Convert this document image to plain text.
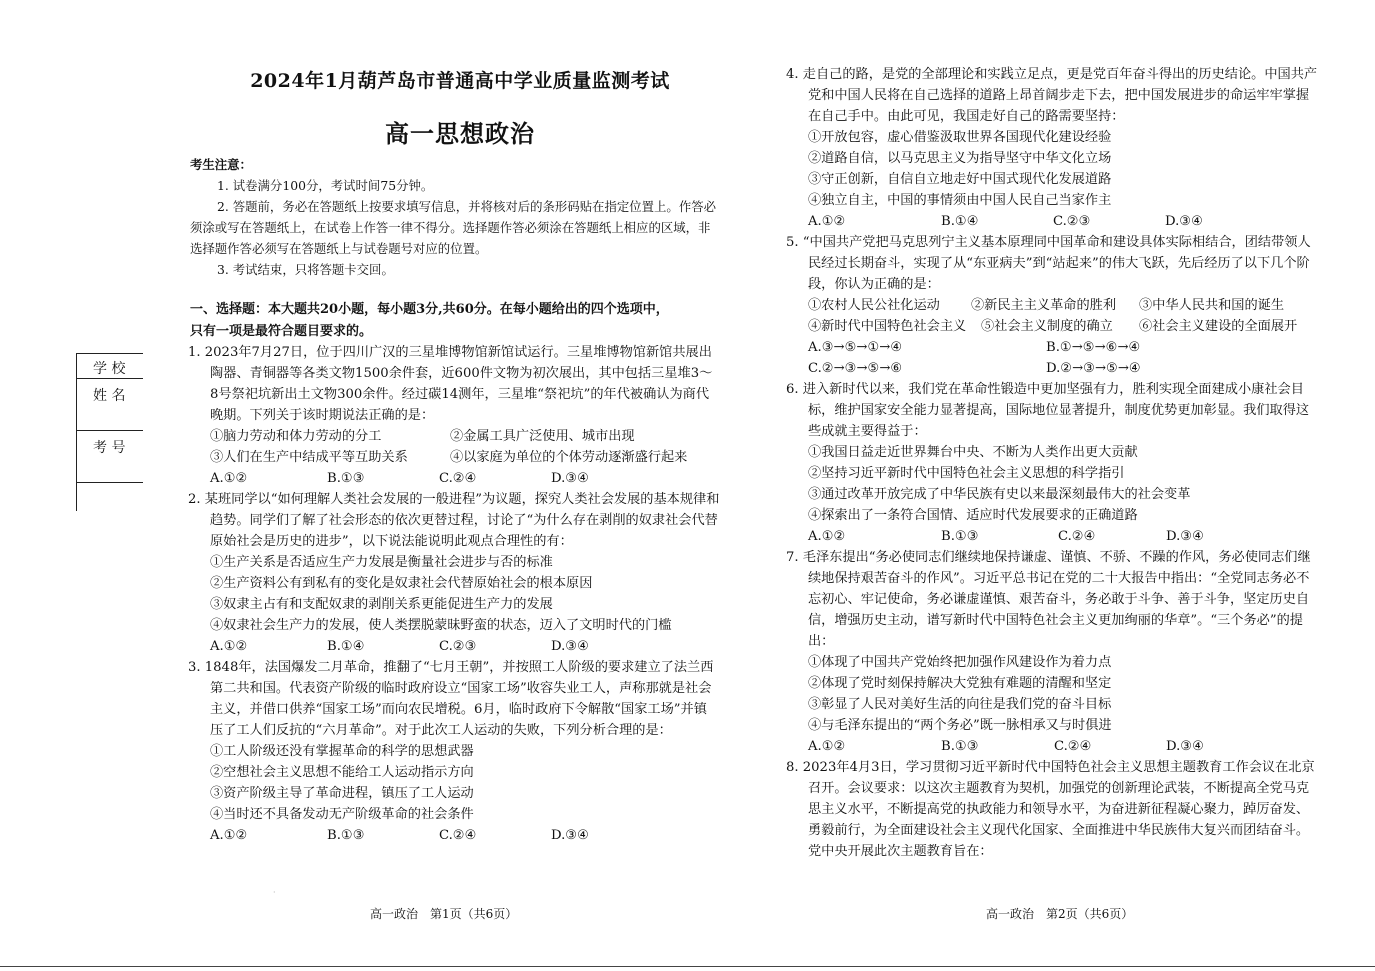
2024年1月葫芦岛市普通高中学业质量监测考试
高一思想政治

考生注意：

1. 试卷满分100分，考试时间75分钟。

2. 答题前，务必在答题纸上按要求填写信息，并将核对后的条形码贴在指定位置上。作答必须涂或写在答题纸上，在试卷上作答一律不得分。选择题作答必须涂在答题纸上相应的区域，非选择题作答必须写在答题纸上与试卷题号对应的位置。

3. 考试结束，只将答题卡交回。

一、选择题：本大题共20小题，每小题3分,共60分。在每小题给出的四个选项中，

只有一项是最符合题目要求的。

学 校
姓 名
考 号
1. 2023年7月27日，位于四川广汉的三星堆博物馆新馆试运行。三星堆博物馆新馆共展出陶器、青铜器等各类文物1500余件套，近600件文物为初次展出，其中包括三星堆3～8号祭祀坑新出土文物300余件。经过碳14测年，三星堆“祭祀坑”的年代被确认为商代晚期。下列关于该时期说法正确的是：
①脑力劳动和体力劳动的分工	②金属工具广泛使用、城市出现
③人们在生产中结成平等互助关系	④以家庭为单位的个体劳动逐渐盛行起来
A.①②	B.①③	C.②④	D.③④
2. 某班同学以“如何理解人类社会发展的一般进程”为议题，探究人类社会发展的基本规律和趋势。同学们了解了社会形态的依次更替过程，讨论了“为什么存在剥削的奴隶社会代替原始社会是历史的进步”，以下说法能说明此观点合理性的有：
①生产关系是否适应生产力发展是衡量社会进步与否的标准
②生产资料公有到私有的变化是奴隶社会代替原始社会的根本原因
③奴隶主占有和支配奴隶的剥削关系更能促进生产力的发展
④奴隶社会生产力的发展，使人类摆脱蒙昧野蛮的状态，迈入了文明时代的门槛
A.①②	B.①④	C.②③	D.③④
3. 1848年，法国爆发二月革命，推翻了“七月王朝”，并按照工人阶级的要求建立了法兰西第二共和国。代表资产阶级的临时政府设立“国家工场”收容失业工人，声称那就是社会主义，并借口供养“国家工场”而向农民增税。6月，临时政府下令解散“国家工场”并镇压了工人们反抗的“六月革命”。对于此次工人运动的失败，下列分析合理的是：
①工人阶级还没有掌握革命的科学的思想武器
②空想社会主义思想不能给工人运动指示方向
③资产阶级主导了革命进程，镇压了工人运动
④当时还不具备发动无产阶级革命的社会条件
A.①②	B.①③	C.②④	D.③④
·
高一政治　第1页（共6页）
4. 走自己的路，是党的全部理论和实践立足点，更是党百年奋斗得出的历史结论。中国共产党和中国人民将在自己选择的道路上昂首阔步走下去，把中国发展进步的命运牢牢掌握在自己手中。由此可见，我国走好自己的路需要坚持：
①开放包容，虚心借鉴汲取世界各国现代化建设经验
②道路自信，以马克思主义为指导坚守中华文化立场
③守正创新，自信自立地走好中国式现代化发展道路
④独立自主，中国的事情须由中国人民自己当家作主
A.①②	B.①④	C.②③	D.③④
5. “中国共产党把马克思列宁主义基本原理同中国革命和建设具体实际相结合，团结带领人民经过长期奋斗，实现了从“东亚病夫”到“站起来”的伟大飞跃，先后经历了以下几个阶段，你认为正确的是：
①农村人民公社化运动	②新民主主义革命的胜利	③中华人民共和国的诞生
④新时代中国特色社会主义	⑤社会主义制度的确立	⑥社会主义建设的全面展开
A.③→⑤→①→④	B.①→⑤→⑥→④
C.②→③→⑤→⑥	D.②→③→⑤→④
6. 进入新时代以来，我们党在革命性锻造中更加坚强有力，胜利实现全面建成小康社会目标，维护国家安全能力显著提高，国际地位显著提升，制度优势更加彰显。我们取得这些成就主要得益于：
①我国日益走近世界舞台中央、不断为人类作出更大贡献
②坚持习近平新时代中国特色社会主义思想的科学指引
③通过改革开放完成了中华民族有史以来最深刻最伟大的社会变革
④探索出了一条符合国情、适应时代发展要求的正确道路
A.①②	B.①③	C.②④	D.③④
7. 毛泽东提出“务必使同志们继续地保持谦虚、谨慎、不骄、不躁的作风，务必使同志们继续地保持艰苦奋斗的作风”。习近平总书记在党的二十大报告中指出：“全党同志务必不忘初心、牢记使命，务必谦虚谨慎、艰苦奋斗，务必敢于斗争、善于斗争，坚定历史自信，增强历史主动，谱写新时代中国特色社会主义更加绚丽的华章”。“三个务必”的提出：
①体现了中国共产党始终把加强作风建设作为着力点
②体现了党时刻保持解决大党独有难题的清醒和坚定
③彰显了人民对美好生活的向往是我们党的奋斗目标
④与毛泽东提出的“两个务必”既一脉相承又与时俱进
A.①②	B.①③	C.②④	D.③④
8. 2023年4月3日，学习贯彻习近平新时代中国特色社会主义思想主题教育工作会议在北京召开。会议要求：以这次主题教育为契机，加强党的创新理论武装，不断提高全党马克思主义水平，不断提高党的执政能力和领导水平，为奋进新征程凝心聚力，踔厉奋发、勇毅前行，为全面建设社会主义现代化国家、全面推进中华民族伟大复兴而团结奋斗。党中央开展此次主题教育旨在：
高一政治　第2页（共6页）
